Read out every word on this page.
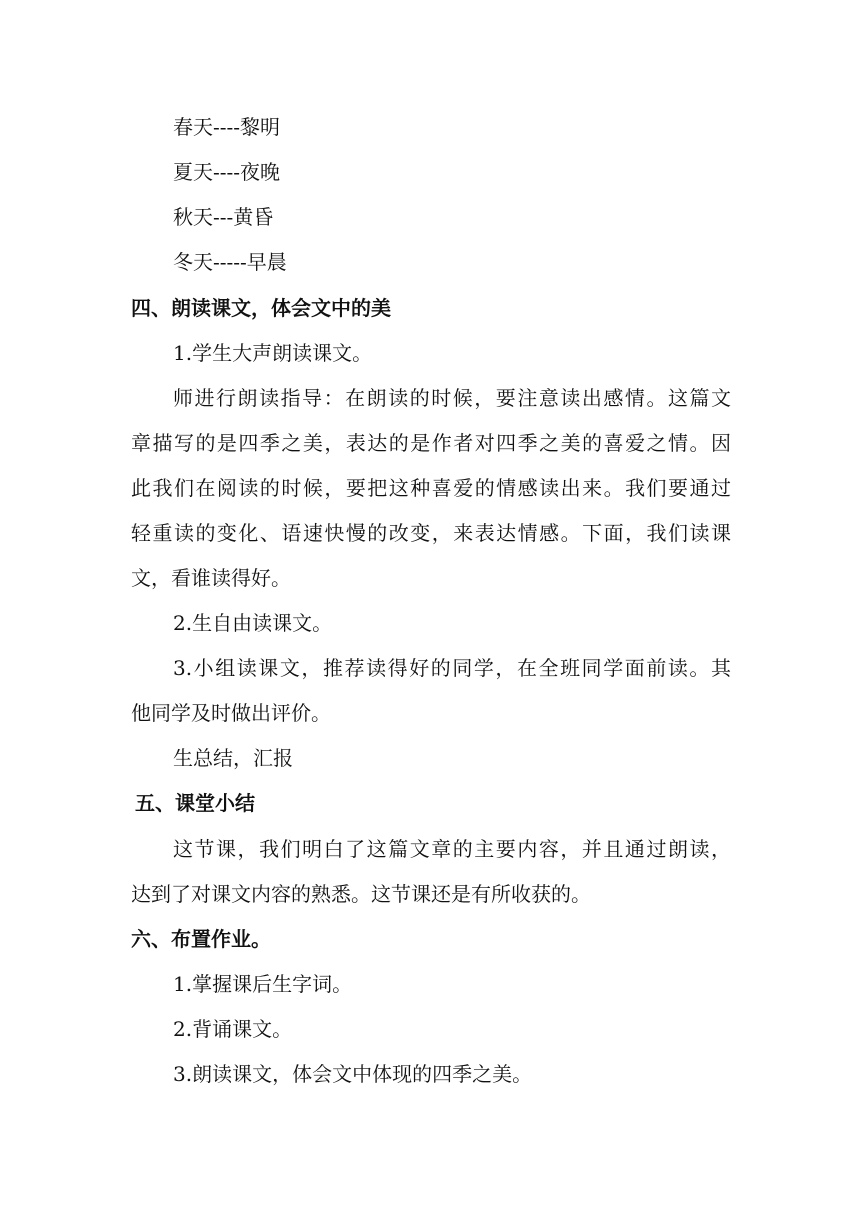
春天----黎明
夏天----夜晚
秋天---黄昏
冬天-----早晨
四、朗读课文，体会文中的美
1.学生大声朗读课文。
师进行朗读指导：在朗读的时候，要注意读出感情。这篇文
章描写的是四季之美，表达的是作者对四季之美的喜爱之情。因
此我们在阅读的时候，要把这种喜爱的情感读出来。我们要通过
轻重读的变化、语速快慢的改变，来表达情感。下面，我们读课
文，看谁读得好。
2.生自由读课文。
3.小组读课文，推荐读得好的同学，在全班同学面前读。其
他同学及时做出评价。
生总结，汇报
五、课堂小结
这节课，我们明白了这篇文章的主要内容，并且通过朗读，
达到了对课文内容的熟悉。这节课还是有所收获的。
六、布置作业。
1.掌握课后生字词。
2.背诵课文。
3.朗读课文，体会文中体现的四季之美。
